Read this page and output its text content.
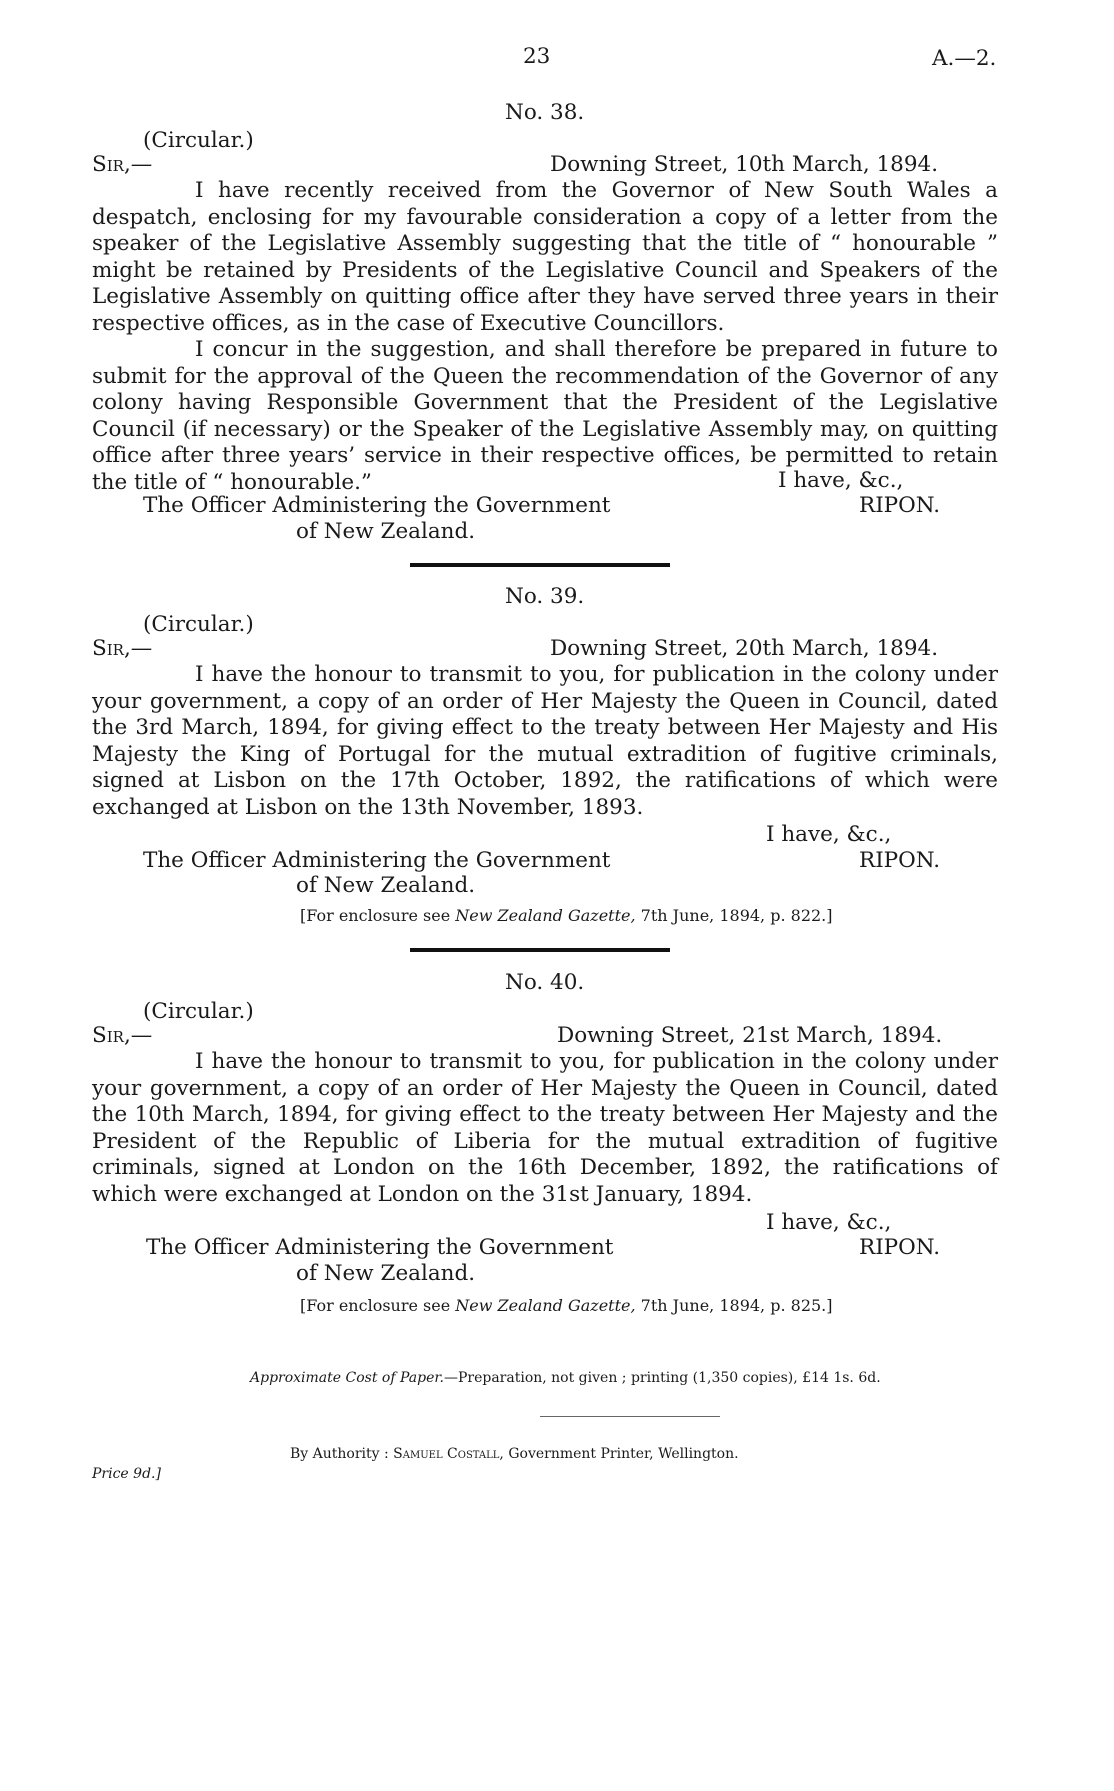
23	A.—2.
No. 38.
(Circular.)
Sir,—	Downing Street, 10th March, 1894.

I have recently received from the Governor of New South Wales a despatch, enclosing for my favourable consideration a copy of a letter from the speaker of the Legislative Assembly suggesting that the title of “ honourable ” might be retained by Presidents of the Legislative Council and Speakers of the Legislative Assembly on quitting office after they have served three years in their respective offices, as in the case of Executive Councillors.

I concur in the suggestion, and shall therefore be prepared in future to submit for the approval of the Queen the recommendation of the Governor of any colony having Responsible Government that the President of the Legislative Council (if necessary) or the Speaker of the Legislative Assembly may, on quitting office after three years’ service in their respective offices, be permitted to retain the title of “ honourable.”	I have, &c.,
The Officer Administering the Government	RIPON.
of New Zealand.
No. 39.
(Circular.)
Sir,—	Downing Street, 20th March, 1894.

I have the honour to transmit to you, for publication in the colony under your government, a copy of an order of Her Majesty the Queen in Council, dated the 3rd March, 1894, for giving effect to the treaty between Her Majesty and His Majesty the King of Portugal for the mutual extradition of fugitive criminals, signed at Lisbon on the 17th October, 1892, the ratifications of which were exchanged at Lisbon on the 13th November, 1893.

I have, &c.,
The Officer Administering the Government	RIPON.
of New Zealand.
[For enclosure see New Zealand Gazette, 7th June, 1894, p. 822.]
No. 40.
(Circular.)
Sir,—	Downing Street, 21st March, 1894.

I have the honour to transmit to you, for publication in the colony under your government, a copy of an order of Her Majesty the Queen in Council, dated the 10th March, 1894, for giving effect to the treaty between Her Majesty and the President of the Republic of Liberia for the mutual extradition of fugitive criminals, signed at London on the 16th December, 1892, the ratifications of which were exchanged at London on the 31st January, 1894.

I have, &c.,
The Officer Administering the Government	RIPON.
of New Zealand.
[For enclosure see New Zealand Gazette, 7th June, 1894, p. 825.]
Approximate Cost of Paper.—Preparation, not given ; printing (1,350 copies), £14 1s. 6d.
By Authority : Samuel Costall, Government Printer, Wellington.
Price 9d.]
